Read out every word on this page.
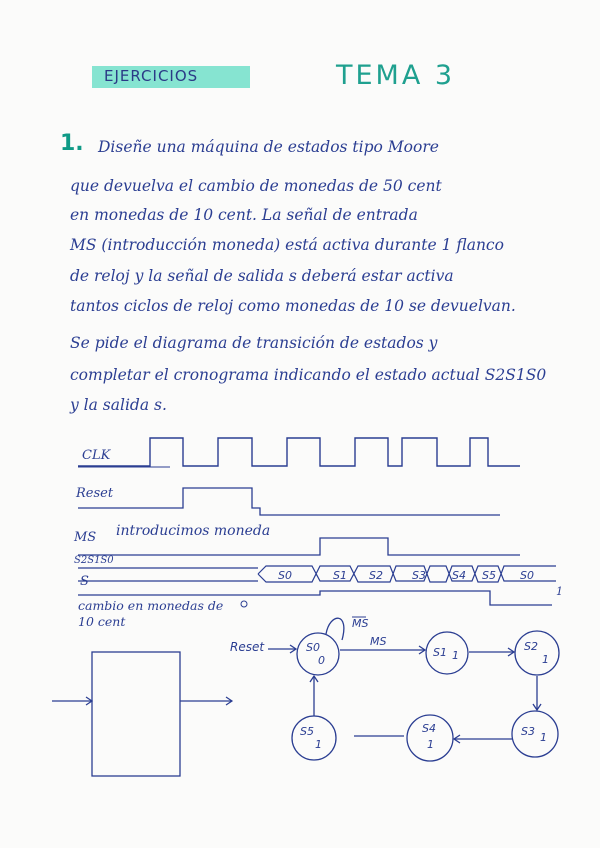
EJERCICIOS	TEMA 3
1. Diseñe una máquina de estados tipo Moore
que devuelva el cambio de monedas de 50 cent
en monedas de 10 cent. La señal de entrada
MS (introducción moneda) está activa durante 1 flanco
de reloj y la señal de salida s deberá estar activa
tantos ciclos de reloj como monedas de 10 se devuelvan.
Se pide el diagrama de transición de estados y
completar el cronograma indicando el estado actual S2S1S0
y la salida s.
CLK
Reset
MS
S2S1S0
S
introducimos moneda
cambio en monedas de 10 cent
1
S0	S1 S2	S3 S4 S5 S0
S0
0
S1 1
S2
1
S3 1
S4
1
S5
1
Reset	MS
MS
